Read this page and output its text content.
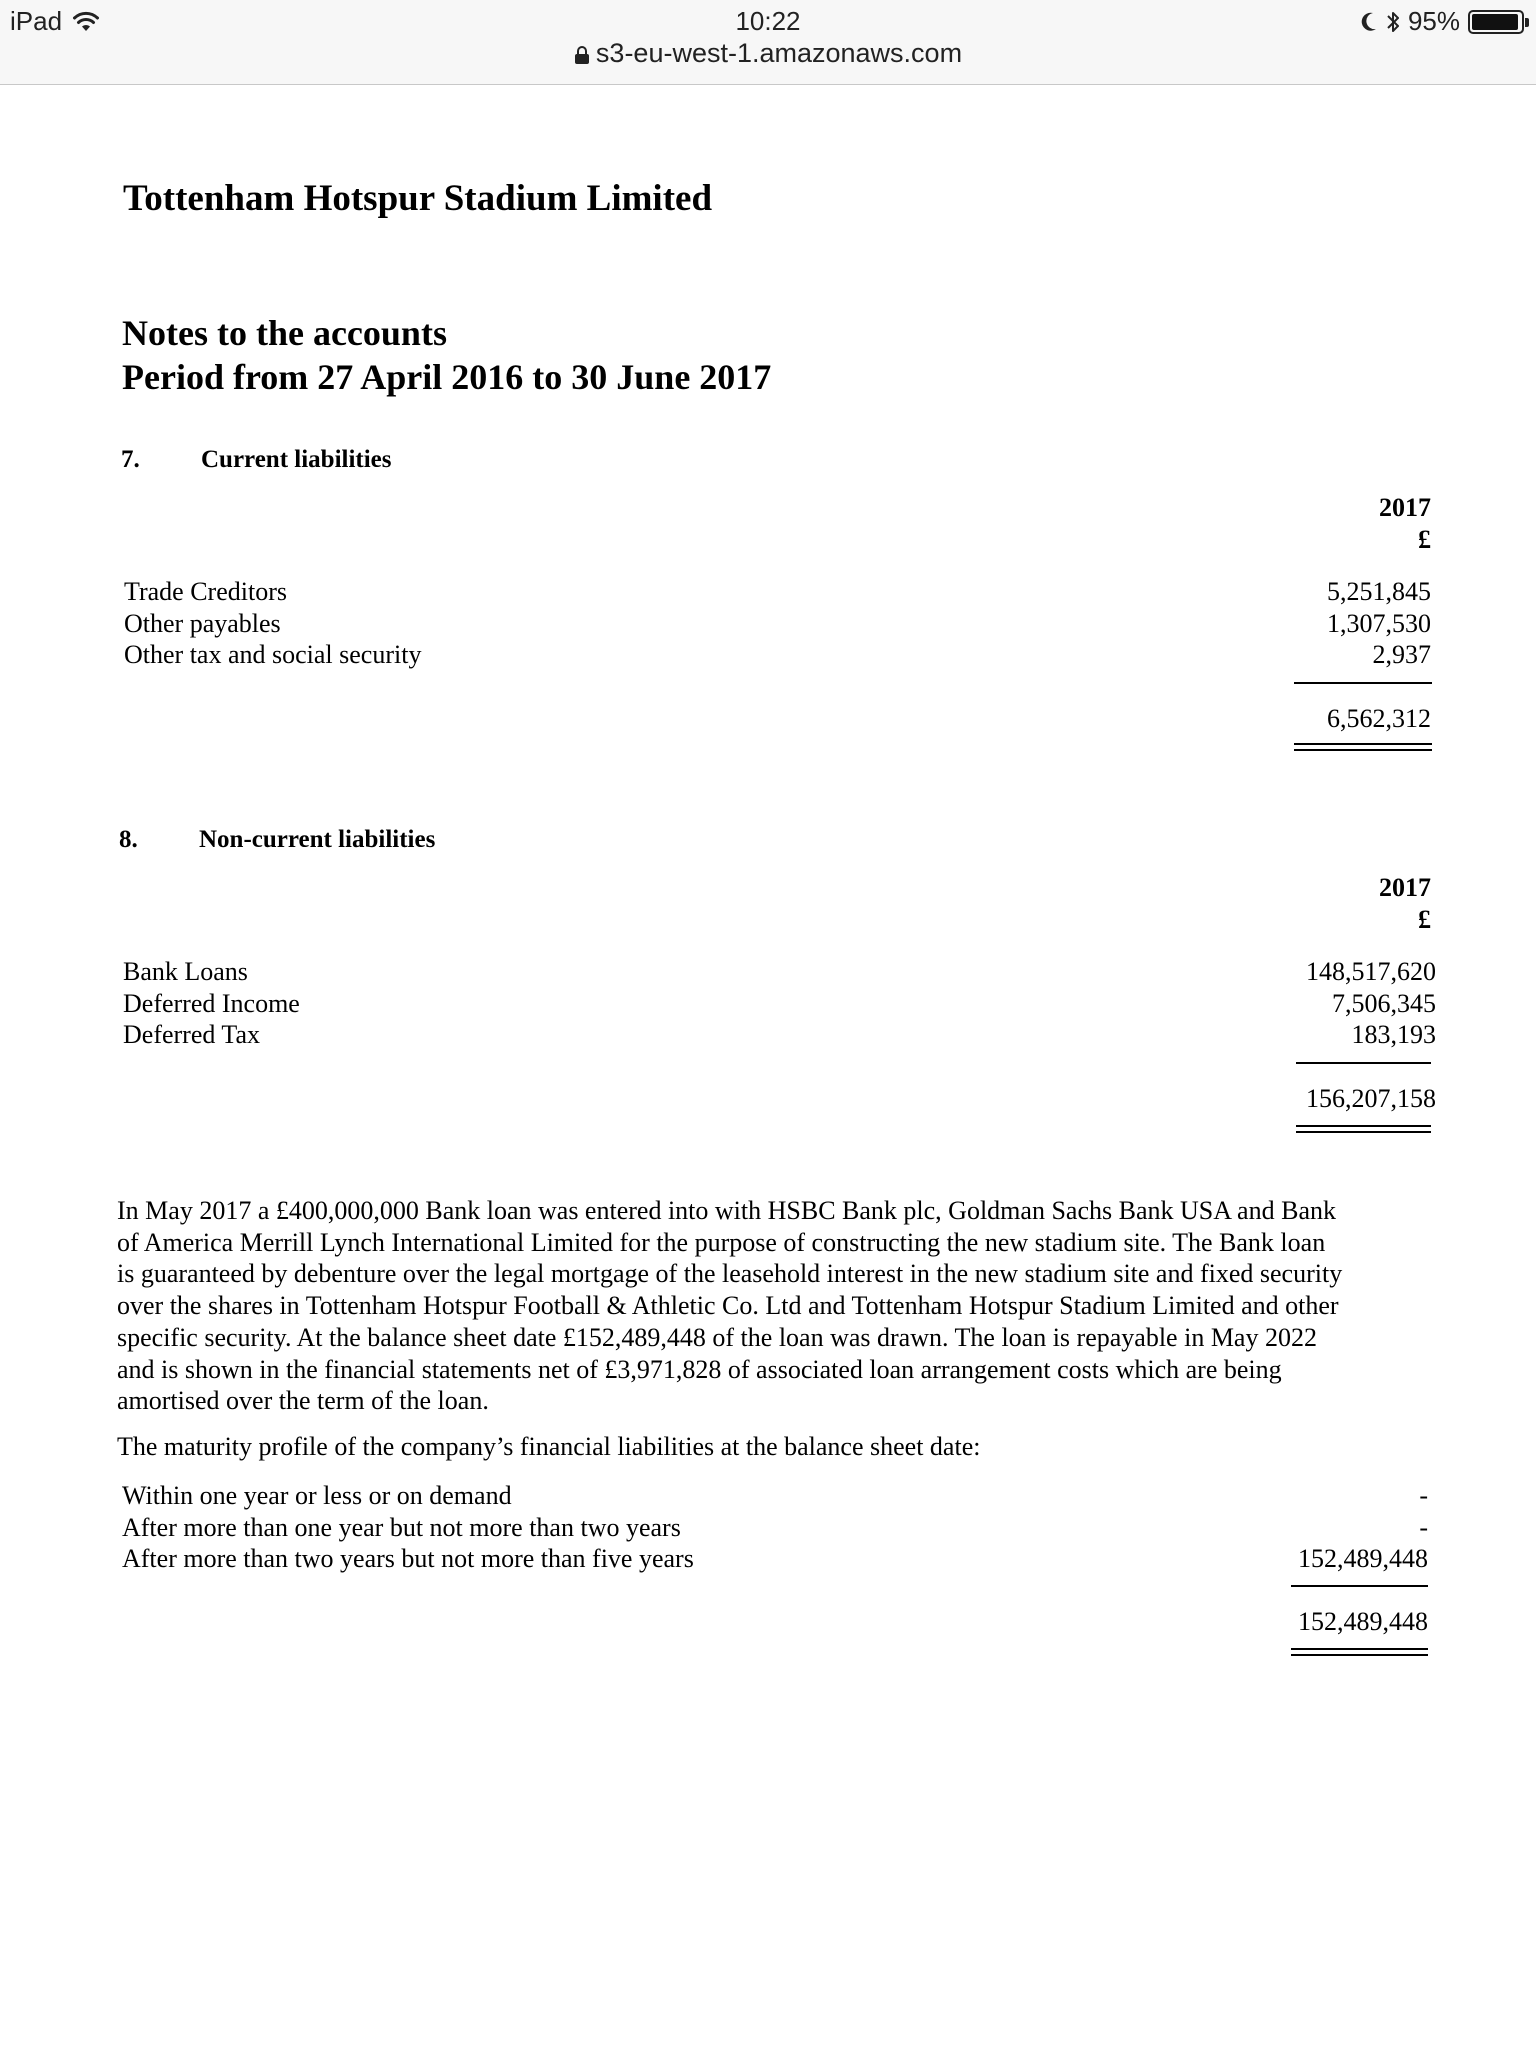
iPad	10:22
s3-eu-west-1.amazonaws.com
95%
Tottenham Hotspur Stadium Limited
Notes to the accounts
Period from 27 April 2016 to 30 June 2017
7. Current liabilities
2017
£
Trade Creditors
Other payables
Other tax and social security
5,251,845
1,307,530
2,937
6,562,312
8. Non-current liabilities
2017
£
Bank Loans
Deferred Income
Deferred Tax
148,517,620
7,506,345
183,193
156,207,158
In May 2017 a £400,000,000 Bank loan was entered into with HSBC Bank plc, Goldman Sachs Bank USA and Bank
of America Merrill Lynch International Limited for the purpose of constructing the new stadium site. The Bank loan
is guaranteed by debenture over the legal mortgage of the leasehold interest in the new stadium site and fixed security
over the shares in Tottenham Hotspur Football & Athletic Co. Ltd and Tottenham Hotspur Stadium Limited and other
specific security. At the balance sheet date £152,489,448 of the loan was drawn. The loan is repayable in May 2022
and is shown in the financial statements net of £3,971,828 of associated loan arrangement costs which are being
amortised over the term of the loan.
The maturity profile of the company’s financial liabilities at the balance sheet date:
Within one year or less or on demand
After more than one year but not more than two years
After more than two years but not more than five years
-
-
152,489,448
152,489,448
